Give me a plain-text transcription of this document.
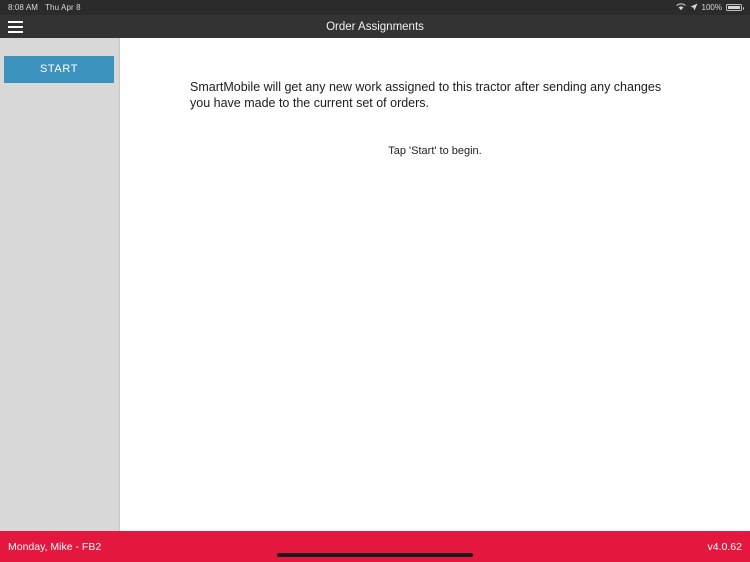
8:08 AM Thu Apr 8	100%
Order Assignments
START
SmartMobile will get any new work assigned to this tractor after sending any changes you have made to the current set of orders.
Tap 'Start' to begin.
Monday, Mike - FB2	v4.0.62
